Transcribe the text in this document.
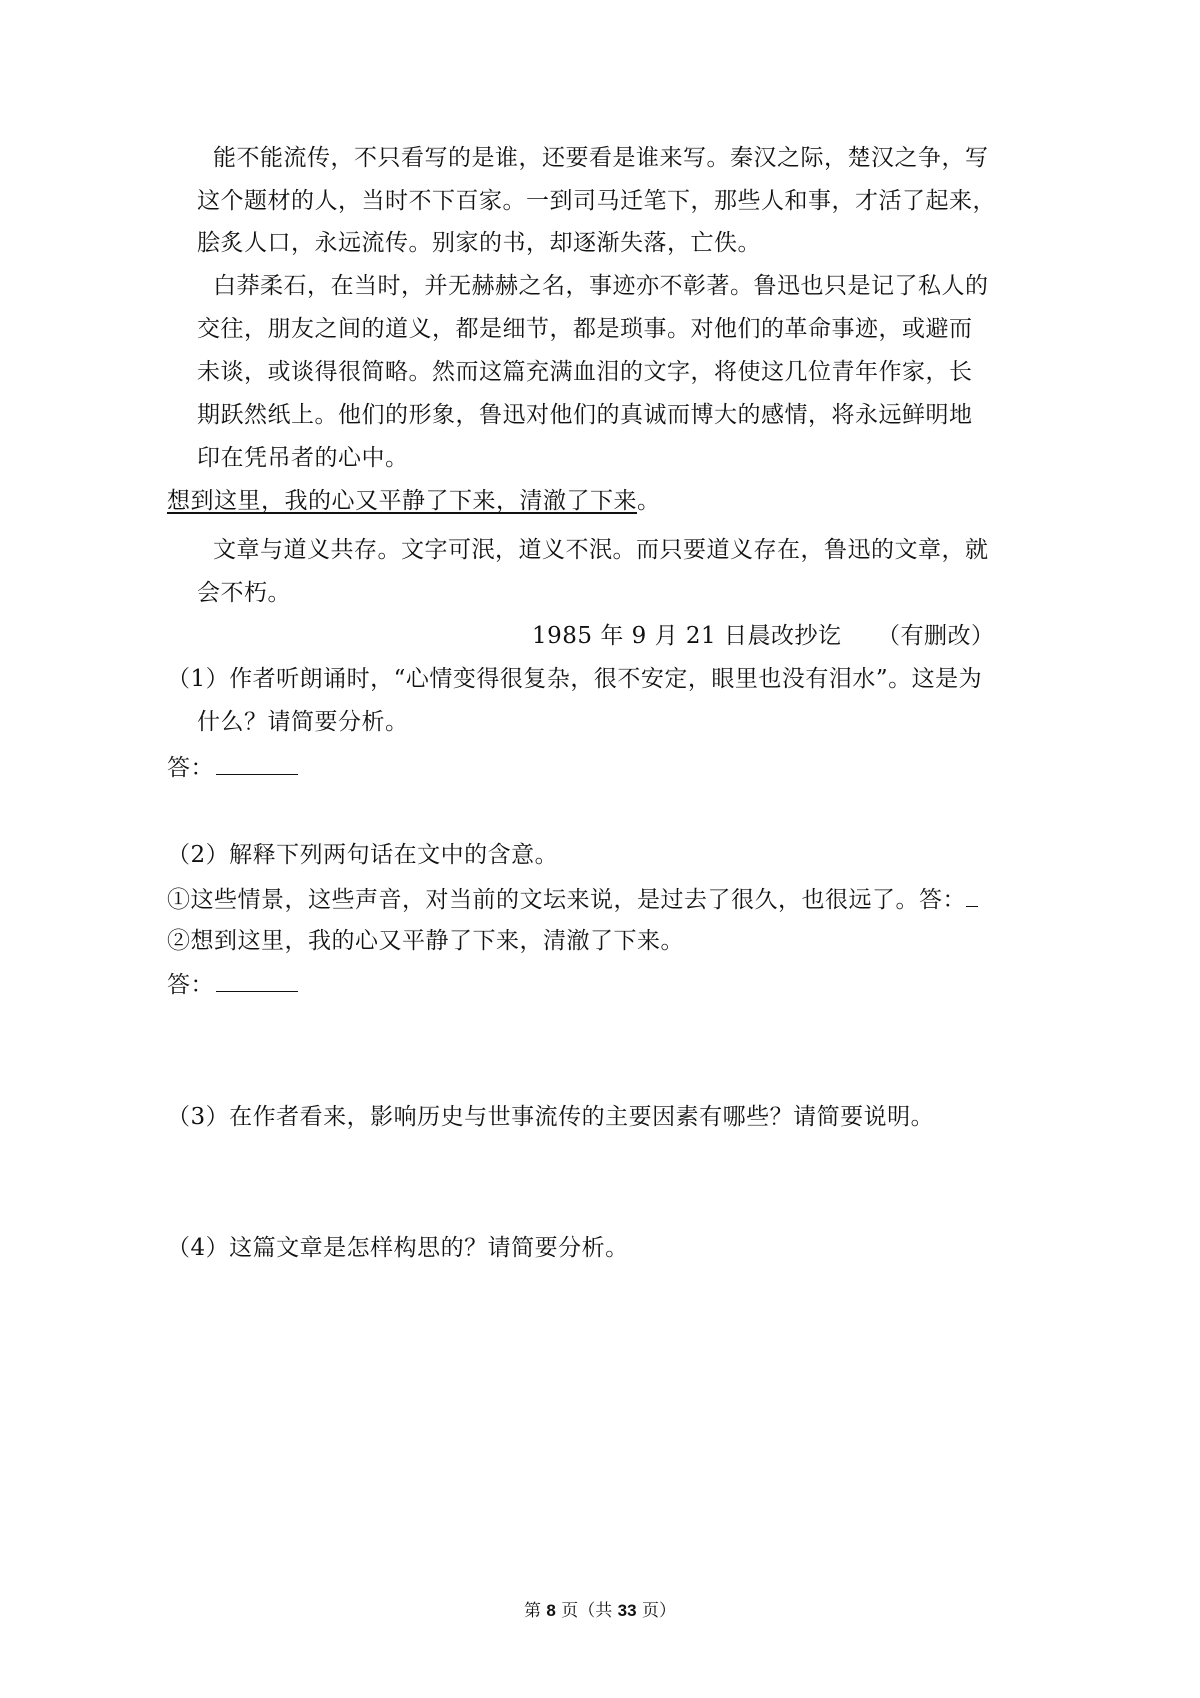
能不能流传，不只看写的是谁，还要看是谁来写。秦汉之际，楚汉之争，写
这个题材的人，当时不下百家。一到司马迁笔下，那些人和事，才活了起来，
脍炙人口，永远流传。别家的书，却逐渐失落，亡佚。
白莽柔石，在当时，并无赫赫之名，事迹亦不彰著。鲁迅也只是记了私人的
交往，朋友之间的道义，都是细节，都是琐事。对他们的革命事迹，或避而
未谈，或谈得很简略。然而这篇充满血泪的文字，将使这几位青年作家，长
期跃然纸上。他们的形象，鲁迅对他们的真诚而博大的感情，将永远鲜明地
印在凭吊者的心中。
想到这里，我的心又平静了下来，清澈了下来。
文章与道义共存。文字可泯，道义不泯。而只要道义存在，鲁迅的文章，就
会不朽。
1985 年 9 月 21 日晨改抄讫　　（有删改）
（1）作者听朗诵时，“心情变得很复杂，很不安定，眼里也没有泪水”。这是为
什么？请简要分析。
答：
（2）解释下列两句话在文中的含意。
①这些情景，这些声音，对当前的文坛来说，是过去了很久，也很远了。答：
②想到这里，我的心又平静了下来，清澈了下来。
答：
（3）在作者看来，影响历史与世事流传的主要因素有哪些？请简要说明。
（4）这篇文章是怎样构思的？请简要分析。
第 8 页（共 33 页）
